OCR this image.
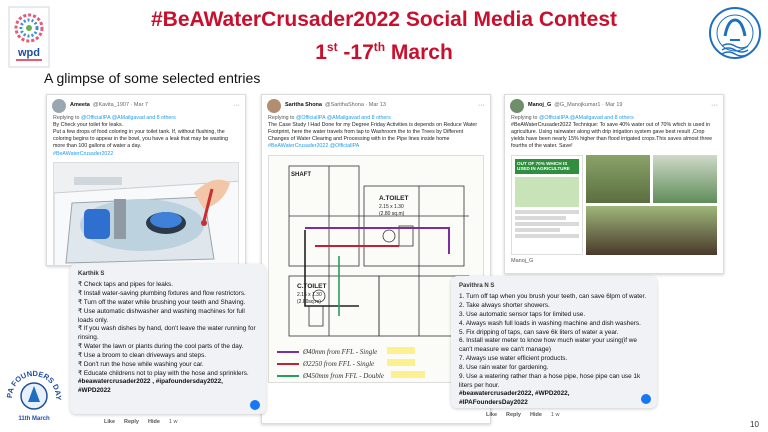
#BeAWaterCrusader2022 Social Media Contest
1st -17th March
A glimpse of some selected entries
wpd
PA FOUNDERS DAY
11th March
Ameeta @Kavita_1907 · Mar 7	···
Replying to @OfficialIPA @AMailgavad and 8 others
By Check your toilet for leaks.
Put a few drops of food coloring in your toilet tank. If, without flushing, the coloring begins to appear in the bowl, you have a leak that may be wasting more than 100 gallons of water a day.
#BeAWaterCrusader2022
Saritha Shona @SarithaShona · Mar 13	···
Replying to @OfficialIPA @AMailgavad and 8 others
The Case Study I Had Done for my Degree Friday Activities is depends on Reduce Water Footprint, here the water travels from tap to Washroom the to the Trees by Different Changes of Water Clearing and Processing with in the Pipe lines inside home #BeAWaterCrusader2022 @OfficialIPA
SHAFT
A.TOILET
2.15 x 1.30
(2.80 sq.m)
C.TOILET
2.15 x 1.30
(2.80sq.m)
Ø40mm from FFL - Single
Ø2250 from FFL - Single
Ø450mm from FFL - Double
Manoj_G @G_Manojkumar1 · Mar 19	···
Replying to @OfficialIPA @AMailgavad and 8 others
#BeAWaterCrusader2022 Technique: To save 40% water out of 70% which is used in agriculture. Using rainwater along with drip irrigation system gave best result ,Crop yields have been nearly 15% higher than flood irrigated crops.This saves almost three fourths of the water. Save!
OUT OF 70% WHICH IS USED IN AGRICULTURE
Manoj_G
Karthik S
₹ Check taps and pipes for leaks.
₹ Install water-saving plumbing fixtures and flow restrictors.
₹ Turn off the water while brushing your teeth and Shaving.
₹ Use automatic dishwasher and washing machines for full loads only.
₹ If you wash dishes by hand, don't leave the water running for rinsing.
₹ Water the lawn or plants during the cool parts of the day.
₹ Use a broom to clean driveways and steps.
₹ Don't run the hose while washing your car.
₹ Educate childrens not to play with the hose and sprinklers.
#beawatercrusader2022 , #ipafoundersday2022,
#WPD2022
Like Reply Hide 1 w
Pavithra N S
1. Turn off tap when you brush your teeth, can save 6lpm of water.
2. Take always shorter showers.
3. Use automatic sensor taps for limited use.
4. Always wash full loads in washing machine and dish washers.
5. Fix dripping of taps, can save 6k liters of water a year.
6. Install water meter to know how much water your using(if we can't measure we can't manage)
7. Always use water efficient products.
8. Use rain water for gardening.
9. Use a watering rather than a hose pipe, hose pipe can use 1k liters per hour.
#beawatercrusader2022, #WPD2022,
#IPAFoundersDay2022
Like Reply Hide 1 w
10
